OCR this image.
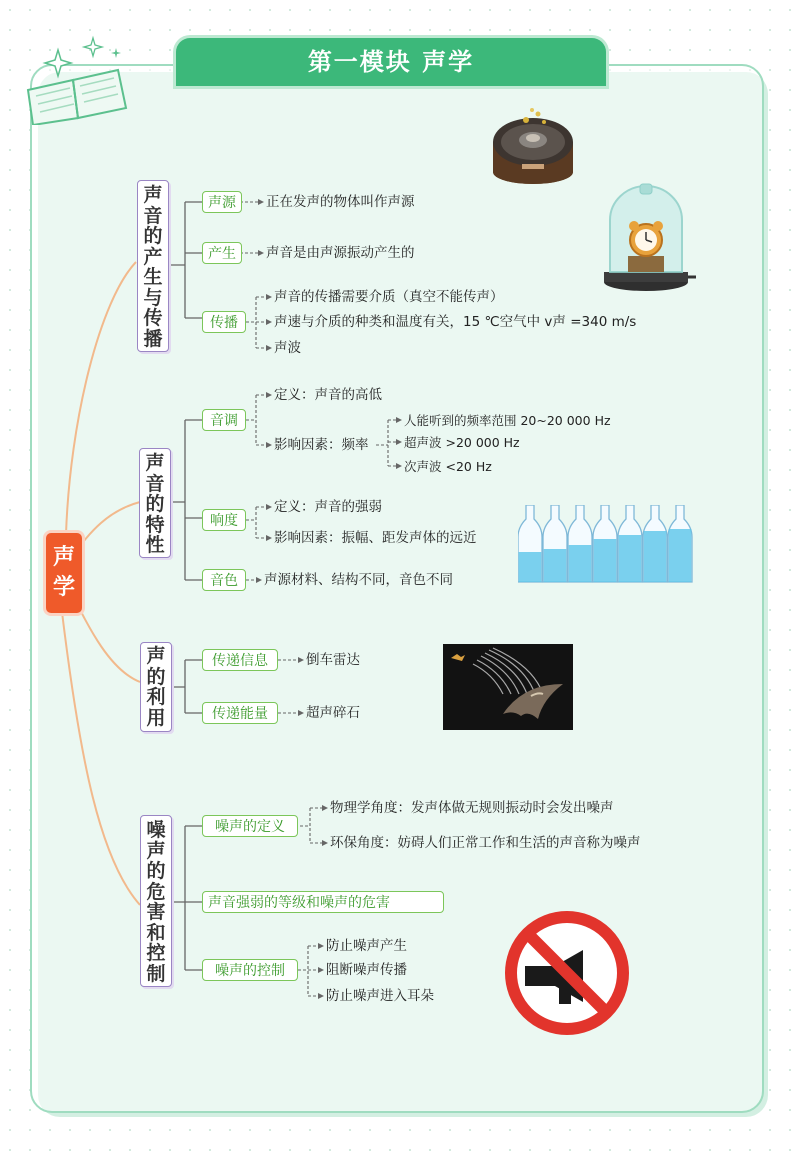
第一模块 声学
声
学
声
音
的
产
生
与
传
播
声源	正在发声的物体叫作声源
产生	声音是由声源振动产生的
传播
声音的传播需要介质（真空不能传声）
声速与介质的种类和温度有关，15 ℃空气中 v声 =340 m/s
声波
声
音
的
特
性
音调
定义：声音的高低
影响因素：频率
人能听到的频率范围 20~20 000 Hz
超声波 >20 000 Hz
次声波 <20 Hz
响度
定义：声音的强弱
影响因素：振幅、距发声体的远近
音色	声源材料、结构不同，音色不同
声
的
利
用
传递信息	倒车雷达
传递能量	超声碎石
噪
声
的
危
害
和
控
制
噪声的定义
物理学角度：发声体做无规则振动时会发出噪声
环保角度：妨碍人们正常工作和生活的声音称为噪声
声音强弱的等级和噪声的危害
噪声的控制
防止噪声产生
阻断噪声传播
防止噪声进入耳朵
